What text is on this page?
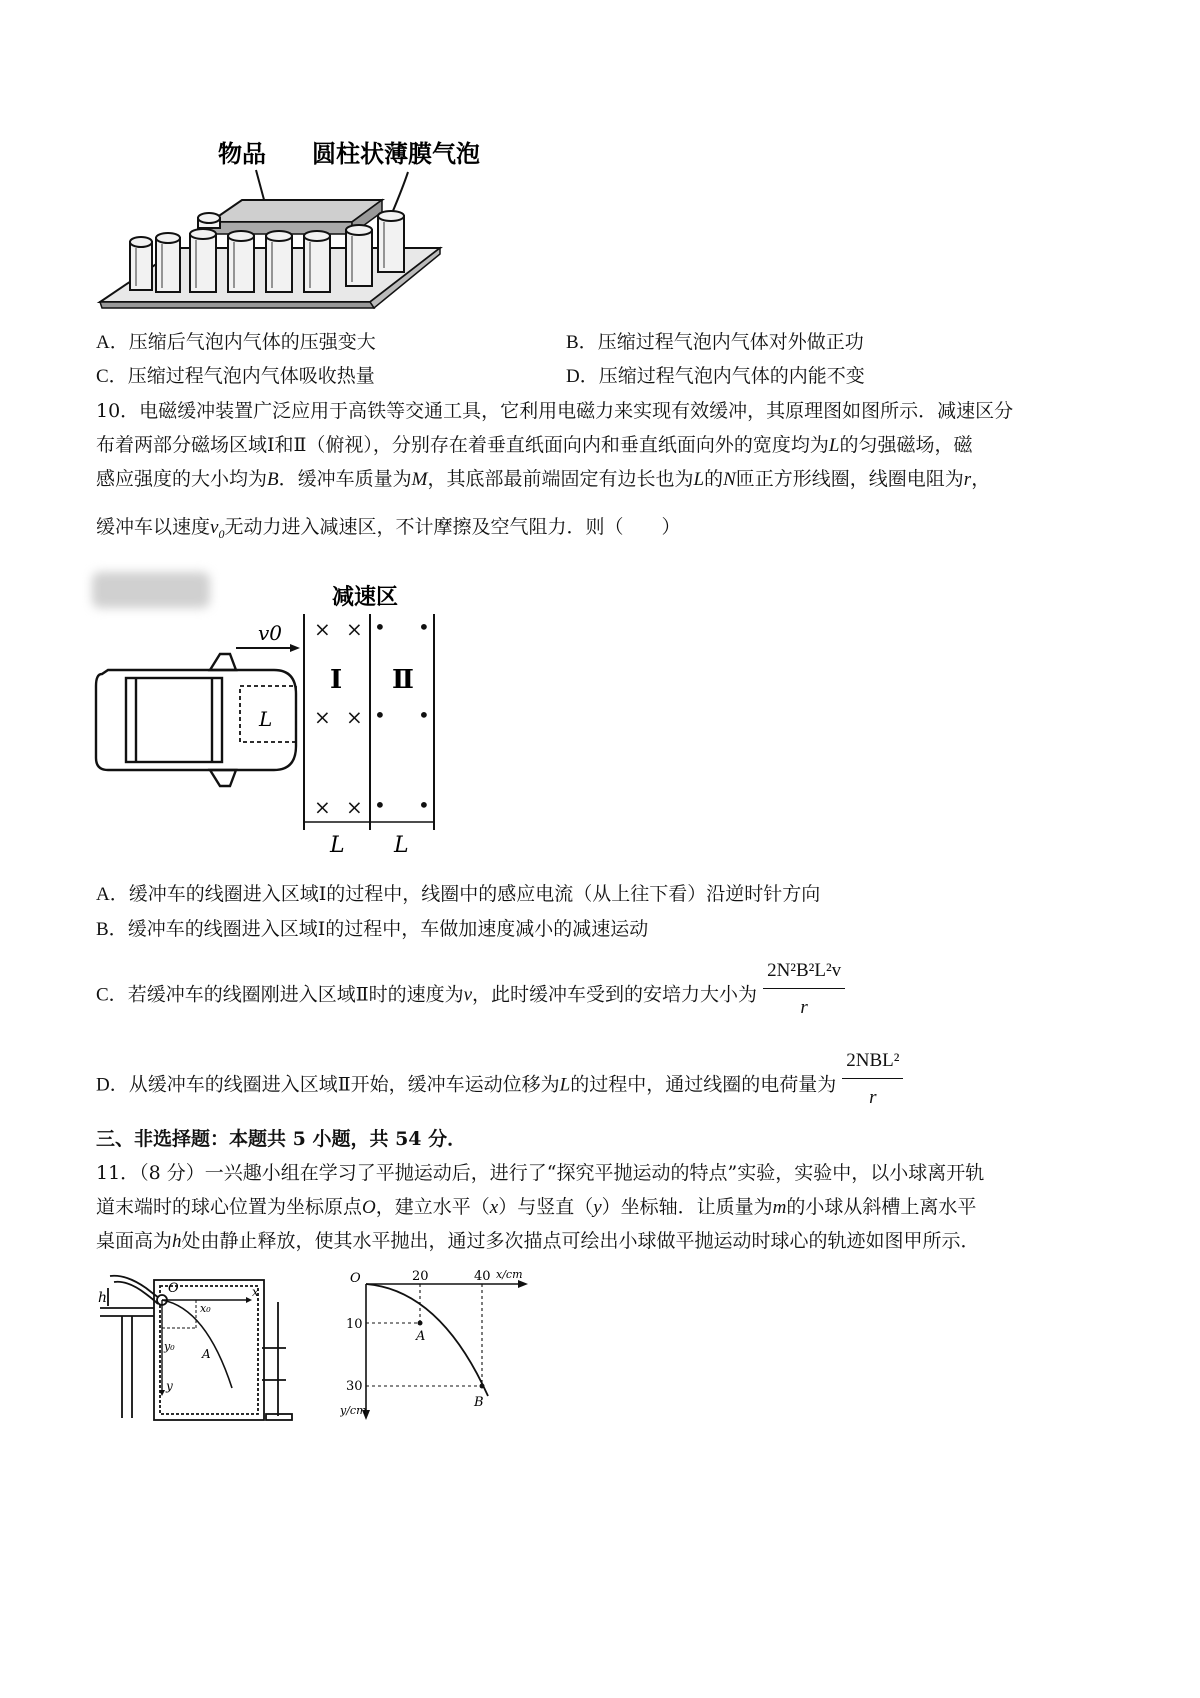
物品 圆柱状薄膜气泡
A．压缩后气泡内气体的压强变大	B．压缩过程气泡内气体对外做正功
C．压缩过程气泡内气体吸收热量	D．压缩过程气泡内气体的内能不变
10．电磁缓冲装置广泛应用于高铁等交通工具，它利用电磁力来实现有效缓冲，其原理图如图所示．减速区分
布着两部分磁场区域Ⅰ和Ⅱ（俯视），分别存在着垂直纸面向内和垂直纸面向外的宽度均为L的匀强磁场，磁
感应强度的大小均为B．缓冲车质量为M，其底部最前端固定有边长也为L的N匝正方形线圈，线圈电阻为r，
缓冲车以速度$v_0$无动力进入减速区，不计摩擦及空气阻力．则（　　）
减速区
v0
L
Ⅰ Ⅱ
× ×
× ×
× ×
• •
• •
• •
L L
A．缓冲车的线圈进入区域Ⅰ的过程中，线圈中的感应电流（从上往下看）沿逆时针方向
B．缓冲车的线圈进入区域Ⅰ的过程中，车做加速度减小的减速运动
C．若缓冲车的线圈刚进入区域Ⅱ时的速度为v，此时缓冲车受到的安培力大小为 $\frac{\text{2N²B²L²v}}{r}$
D．从缓冲车的线圈进入区域Ⅱ开始，缓冲车运动位移为L的过程中，通过线圈的电荷量为 $\frac{\text{2NBL²}}{r}$
三、非选择题：本题共 5 小题，共 54 分．
11．（8 分）一兴趣小组在学习了平抛运动后，进行了“探究平抛运动的特点”实验，实验中，以小球离开轨
道末端时的球心位置为坐标原点O，建立水平（x）与竖直（y）坐标轴．让质量为m的小球从斜槽上离水平
桌面高为h处由静止释放，使其水平抛出，通过多次描点可绘出小球做平抛运动时球心的轨迹如图甲所示．
h
O
x₀
x
y₀
A
y
O	20	40 x/cm
10
30
y/cm
A
B
